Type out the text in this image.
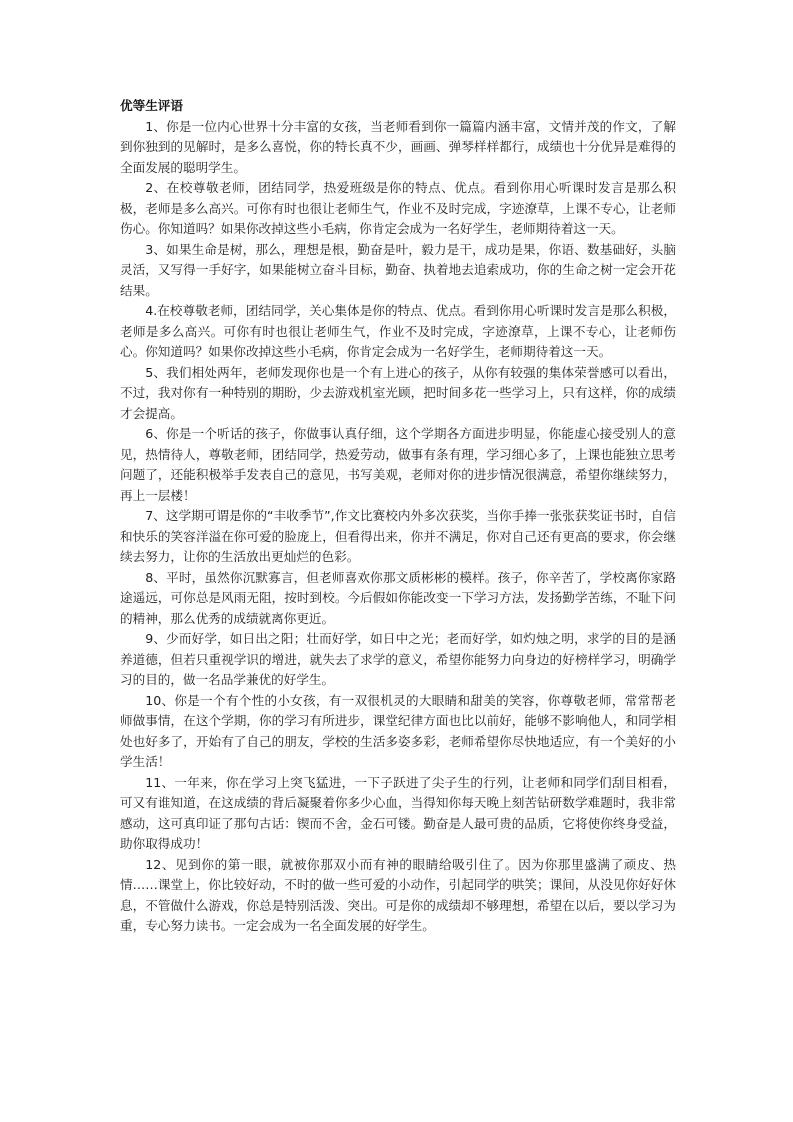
优等生评语

1、你是一位内心世界十分丰富的女孩，当老师看到你一篇篇内涵丰富，文情并茂的作文，了解到你独到的见解时，是多么喜悦，你的特长真不少，画画、弹琴样样都行，成绩也十分优异是难得的全面发展的聪明学生。

2、在校尊敬老师，团结同学，热爱班级是你的特点、优点。看到你用心听课时发言是那么积极，老师是多么高兴。可你有时也很让老师生气，作业不及时完成，字迹潦草，上课不专心，让老师伤心。你知道吗？如果你改掉这些小毛病，你肯定会成为一名好学生，老师期待着这一天。

3、如果生命是树，那么，理想是根，勤奋是叶，毅力是干，成功是果，你语、数基础好，头脑灵活，又写得一手好字，如果能树立奋斗目标，勤奋、执着地去追索成功，你的生命之树一定会开花结果。

4.在校尊敬老师，团结同学，关心集体是你的特点、优点。看到你用心听课时发言是那么积极，老师是多么高兴。可你有时也很让老师生气，作业不及时完成，字迹潦草，上课不专心，让老师伤心。你知道吗？如果你改掉这些小毛病，你肯定会成为一名好学生，老师期待着这一天。

5、我们相处两年，老师发现你也是一个有上进心的孩子，从你有较强的集体荣誉感可以看出，不过，我对你有一种特别的期盼，少去游戏机室光顾，把时间多花一些学习上，只有这样，你的成绩才会提高。

6、你是一个听话的孩子，你做事认真仔细，这个学期各方面进步明显，你能虚心接受别人的意见，热情待人，尊敬老师，团结同学，热爱劳动，做事有条有理，学习细心多了，上课也能独立思考问题了，还能积极举手发表自己的意见，书写美观，老师对你的进步情况很满意，希望你继续努力，再上一层楼！

7、这学期可谓是你的“丰收季节”,作文比赛校内外多次获奖，当你手捧一张张获奖证书时，自信和快乐的笑容洋溢在你可爱的脸庞上，但看得出来，你并不满足，你对自己还有更高的要求，你会继续去努力，让你的生活放出更灿烂的色彩。

8、平时，虽然你沉默寡言，但老师喜欢你那文质彬彬的模样。孩子，你辛苦了，学校离你家路途遥远，可你总是风雨无阻，按时到校。今后假如你能改变一下学习方法，发扬勤学苦练，不耻下问的精神，那么优秀的成绩就离你更近。

9、少而好学，如日出之阳；壮而好学，如日中之光；老而好学，如灼烛之明，求学的目的是涵养道德，但若只重视学识的增进，就失去了求学的意义，希望你能努力向身边的好榜样学习，明确学习的目的，做一名品学兼优的好学生。

10、你是一个有个性的小女孩，有一双很机灵的大眼睛和甜美的笑容，你尊敬老师，常常帮老师做事情，在这个学期，你的学习有所进步，课堂纪律方面也比以前好，能够不影响他人，和同学相处也好多了，开始有了自己的朋友，学校的生活多姿多彩，老师希望你尽快地适应，有一个美好的小学生活！

11、一年来，你在学习上突飞猛进，一下子跃进了尖子生的行列，让老师和同学们刮目相看，可又有谁知道，在这成绩的背后凝聚着你多少心血，当得知你每天晚上刻苦钻研数学难题时，我非常感动，这可真印证了那句古话：锲而不舍，金石可镂。勤奋是人最可贵的品质，它将使你终身受益，助你取得成功！

12、见到你的第一眼，就被你那双小而有神的眼睛给吸引住了。因为你那里盛满了顽皮、热情……课堂上，你比较好动，不时的做一些可爱的小动作，引起同学的哄笑；课间，从没见你好好休息，不管做什么游戏，你总是特别活泼、突出。可是你的成绩却不够理想，希望在以后，要以学习为重，专心努力读书。一定会成为一名全面发展的好学生。
